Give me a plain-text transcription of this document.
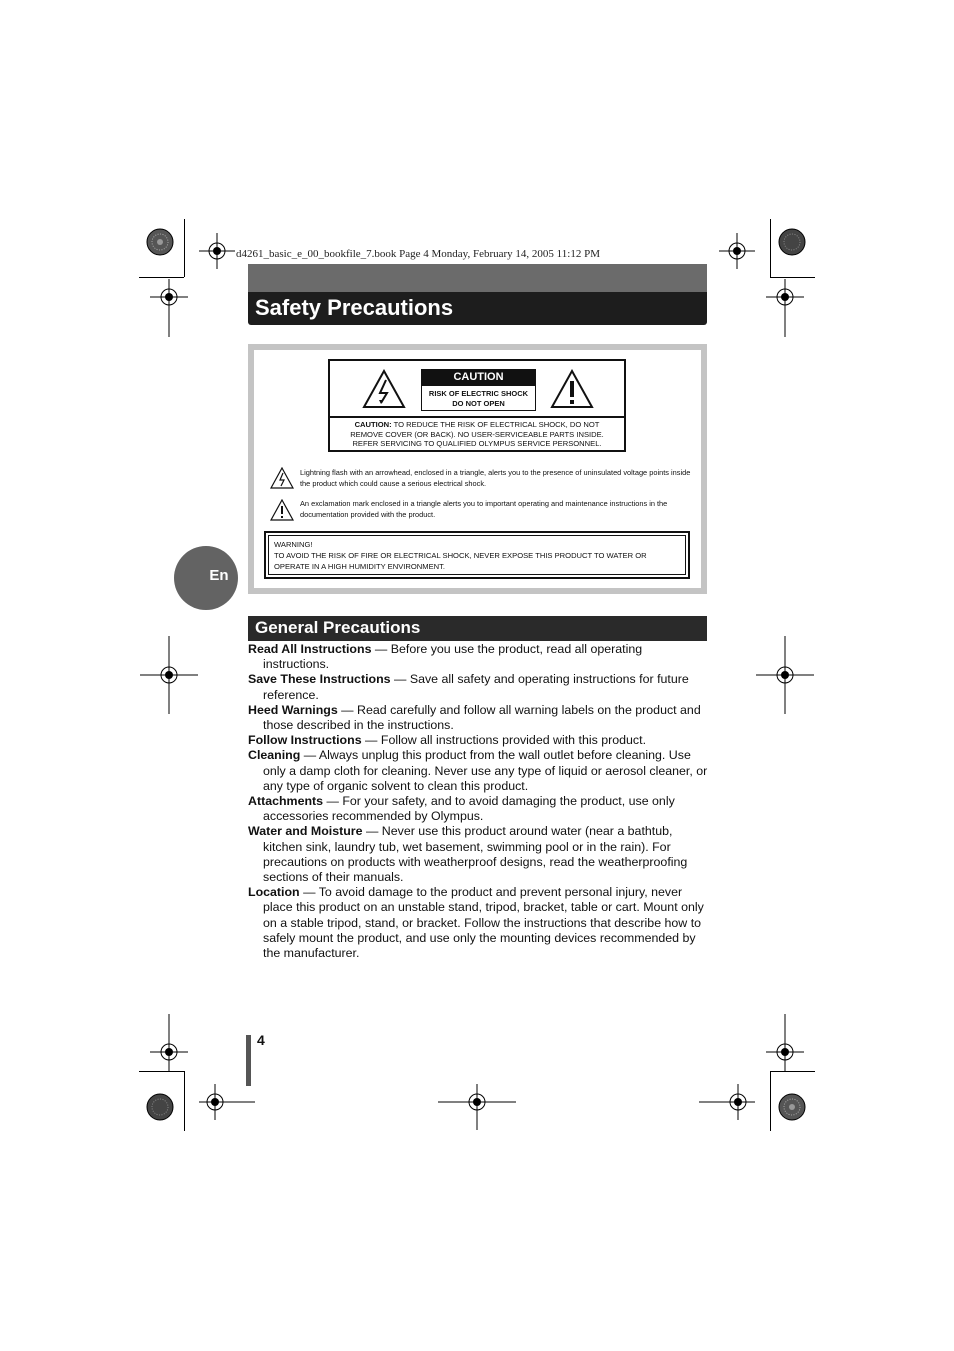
d4261_basic_e_00_bookfile_7.book Page 4 Monday, February 14, 2005 11:12 PM
Safety Precautions
CAUTION
RISK OF ELECTRIC SHOCK
DO NOT OPEN
CAUTION: TO REDUCE THE RISK OF ELECTRICAL SHOCK, DO NOT
REMOVE COVER (OR BACK). NO USER-SERVICEABLE PARTS INSIDE.
REFER SERVICING TO QUALIFIED OLYMPUS SERVICE PERSONNEL.
Lightning flash with an arrowhead, enclosed in a triangle, alerts you to the presence of uninsulated voltage points inside the product which could cause a serious electrical shock.
An exclamation mark enclosed in a triangle alerts you to important operating and maintenance instructions in the documentation provided with the product.
WARNING!
TO AVOID THE RISK OF FIRE OR ELECTRICAL SHOCK, NEVER EXPOSE THIS PRODUCT TO WATER OR OPERATE IN A HIGH HUMIDITY ENVIRONMENT.
En
General Precautions

Read All Instructions — Before you use the product, read all operating instructions.

Save These Instructions — Save all safety and operating instructions for future reference.

Heed Warnings — Read carefully and follow all warning labels on the product and those described in the instructions.

Follow Instructions — Follow all instructions provided with this product.

Cleaning — Always unplug this product from the wall outlet before cleaning. Use only a damp cloth for cleaning. Never use any type of liquid or aerosol cleaner, or any type of organic solvent to clean this product.

Attachments — For your safety, and to avoid damaging the product, use only accessories recommended by Olympus.

Water and Moisture — Never use this product around water (near a bathtub, kitchen sink, laundry tub, wet basement, swimming pool or in the rain). For precautions on products with weatherproof designs, read the weatherproofing sections of their manuals.

Location — To avoid damage to the product and prevent personal injury, never place this product on an unstable stand, tripod, bracket, table or cart. Mount only on a stable tripod, stand, or bracket. Follow the instructions that describe how to safely mount the product, and use only the mounting devices recommended by the manufacturer.

4
